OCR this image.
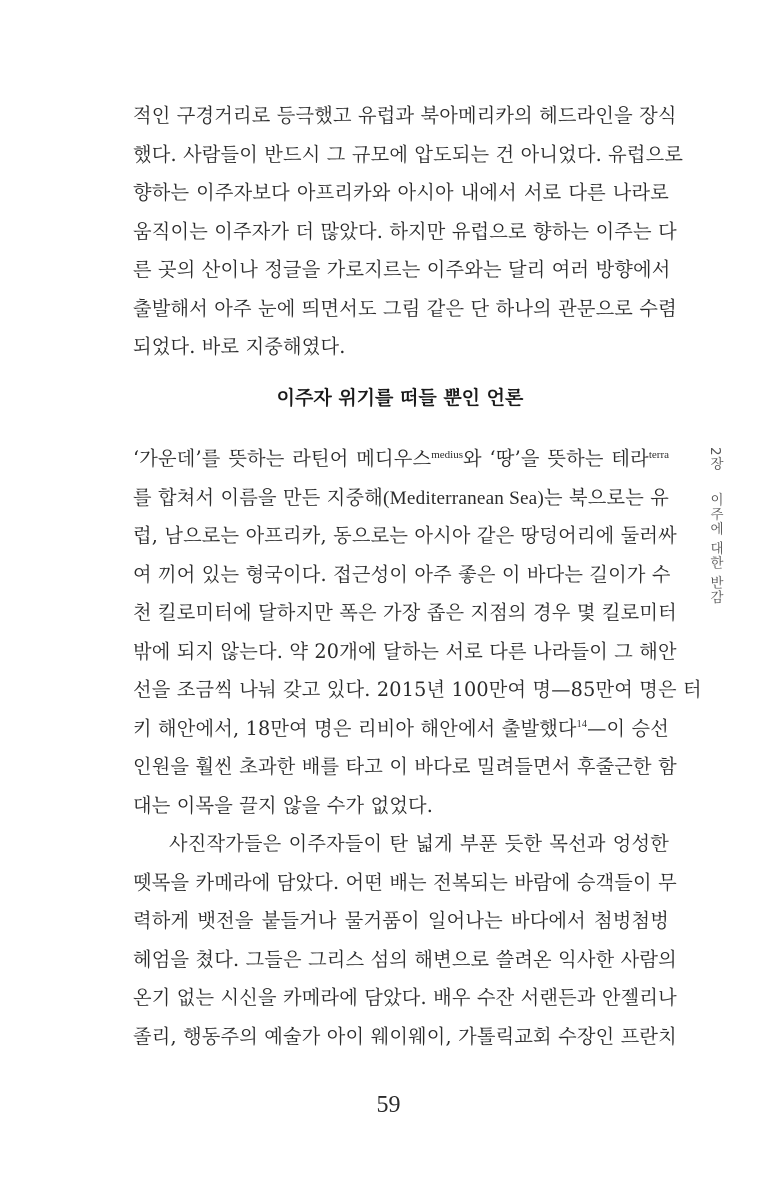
적인 구경거리로 등극했고 유럽과 북아메리카의 헤드라인을 장식
했다. 사람들이 반드시 그 규모에 압도되는 건 아니었다. 유럽으로
향하는 이주자보다 아프리카와 아시아 내에서 서로 다른 나라로
움직이는 이주자가 더 많았다. 하지만 유럽으로 향하는 이주는 다
른 곳의 산이나 정글을 가로지르는 이주와는 달리 여러 방향에서
출발해서 아주 눈에 띄면서도 그림 같은 단 하나의 관문으로 수렴
되었다. 바로 지중해였다.
이주자 위기를 떠들 뿐인 언론
‘가운데’를 뜻하는 라틴어 메디우스$^{medius}$와 ‘땅’을 뜻하는 테라$^{terra}$
를 합쳐서 이름을 만든 지중해(Mediterranean Sea)는 북으로는 유
럽, 남으로는 아프리카, 동으로는 아시아 같은 땅덩어리에 둘러싸
여 끼어 있는 형국이다. 접근성이 아주 좋은 이 바다는 길이가 수
천 킬로미터에 달하지만 폭은 가장 좁은 지점의 경우 몇 킬로미터
밖에 되지 않는다. 약 20개에 달하는 서로 다른 나라들이 그 해안
선을 조금씩 나눠 갖고 있다. 2015년 100만여 명—85만여 명은 터
키 해안에서, 18만여 명은 리비아 해안에서 출발했다$^{14}$—이 승선
인원을 훨씬 초과한 배를 타고 이 바다로 밀려들면서 후줄근한 함
대는 이목을 끌지 않을 수가 없었다.
사진작가들은 이주자들이 탄 넓게 부푼 듯한 목선과 엉성한
뗏목을 카메라에 담았다. 어떤 배는 전복되는 바람에 승객들이 무
력하게 뱃전을 붙들거나 물거품이 일어나는 바다에서 첨벙첨벙
헤엄을 쳤다. 그들은 그리스 섬의 해변으로 쓸려온 익사한 사람의
온기 없는 시신을 카메라에 담았다. 배우 수잔 서랜든과 안젤리나
졸리, 행동주의 예술가 아이 웨이웨이, 가톨릭교회 수장인 프란치
2장 이주에 대한 반감
59
